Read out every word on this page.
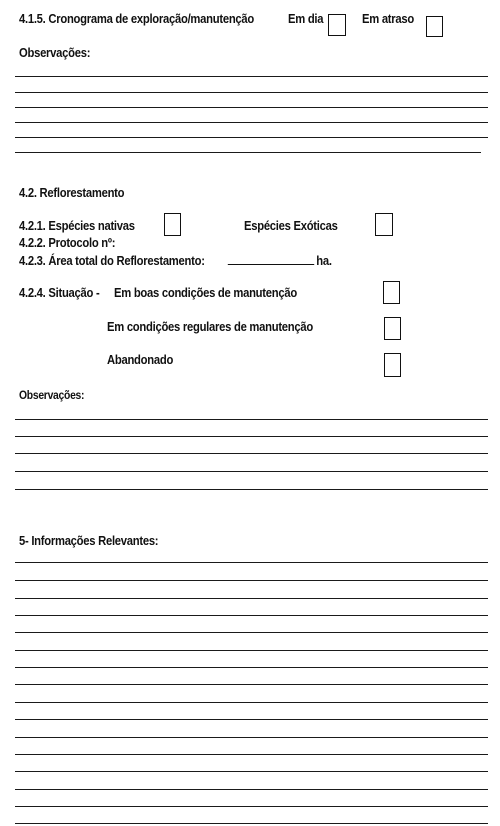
4.1.5. Cronograma de exploração/manutenção	Em dia	Em atraso
Observações:
4.2. Reflorestamento
4.2.1. Espécies nativas	Espécies Exóticas
4.2.2. Protocolo nº:
4.2.3. Área total do Reflorestamento:	ha.
4.2.4. Situação - Em boas condições de manutenção
Em condições regulares de manutenção
Abandonado
Observações:
5- Informações Relevantes:
